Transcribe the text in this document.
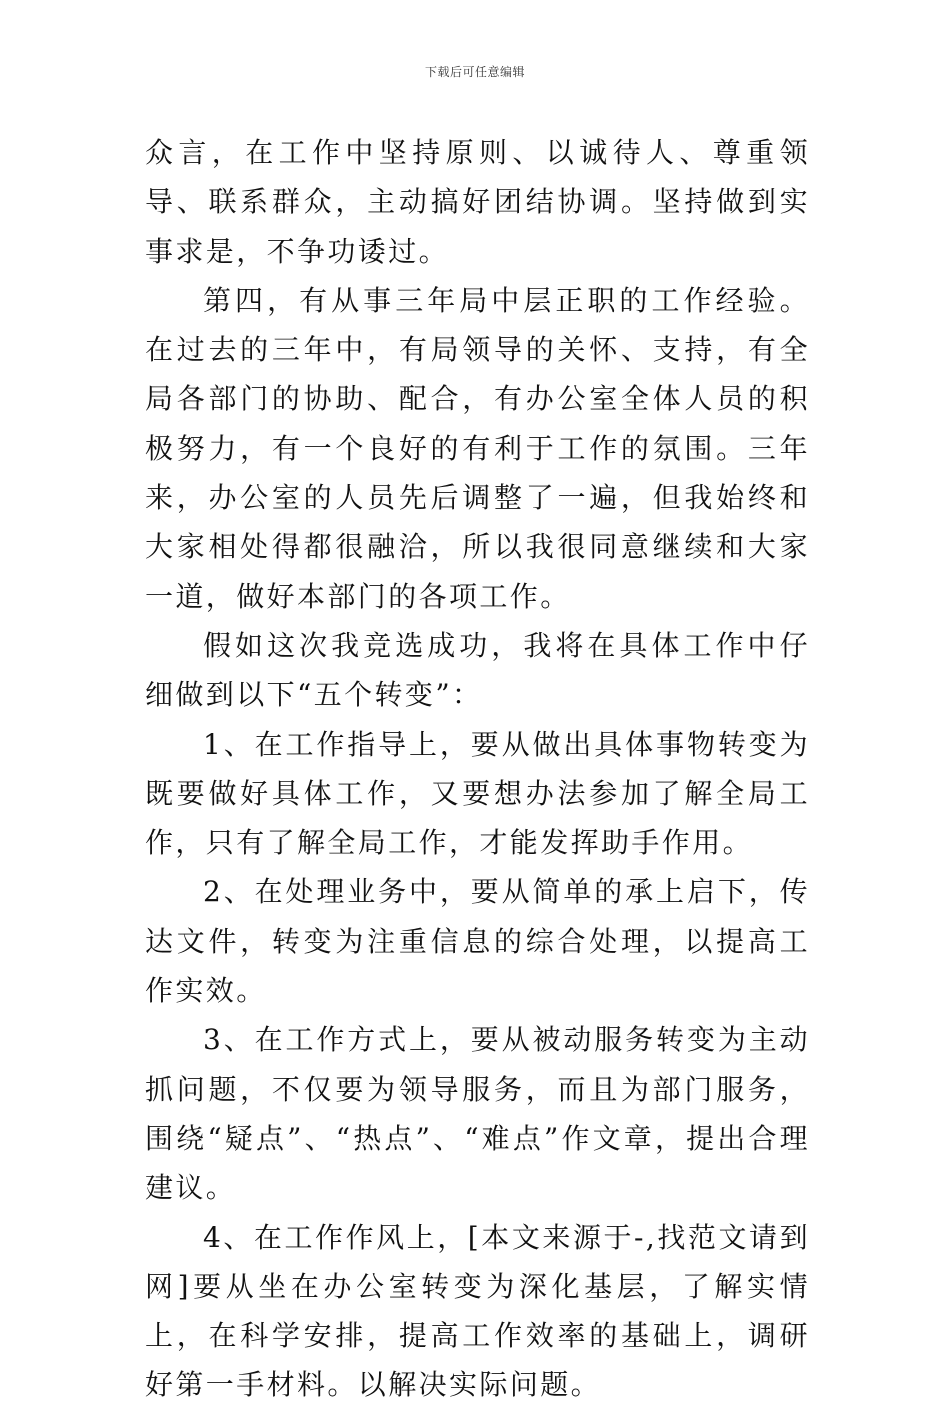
下载后可任意编辑

众言，在工作中坚持原则、以诚待人、尊重领导、联系群众，主动搞好团结协调。坚持做到实事求是，不争功诿过。

第四，有从事三年局中层正职的工作经验。在过去的三年中，有局领导的关怀、支持，有全局各部门的协助、配合，有办公室全体人员的积极努力，有一个良好的有利于工作的氛围。三年来，办公室的人员先后调整了一遍，但我始终和大家相处得都很融洽，所以我很同意继续和大家一道，做好本部门的各项工作。

假如这次我竞选成功，我将在具体工作中仔细做到以下“五个转变”：

1、在工作指导上，要从做出具体事物转变为既要做好具体工作，又要想办法参加了解全局工作，只有了解全局工作，才能发挥助手作用。

2、在处理业务中，要从简单的承上启下，传达文件，转变为注重信息的综合处理，以提高工作实效。

3、在工作方式上，要从被动服务转变为主动抓问题，不仅要为领导服务，而且为部门服务，围绕“疑点”、“热点”、“难点”作文章，提出合理建议。

4、在工作作风上，[本文来源于-,找范文请到网]要从坐在办公室转变为深化基层，了解实情上，在科学安排，提高工作效率的基础上，调研好第一手材料。以解决实际问题。
